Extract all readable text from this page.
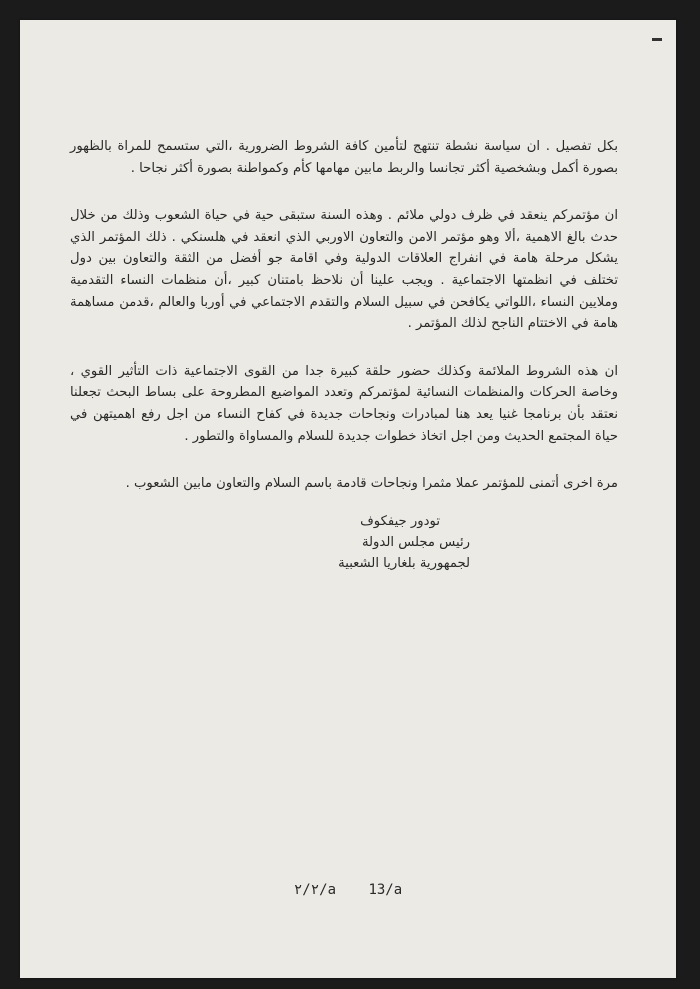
بكل تفصيل . ان سياسة نشطة تنتهج لتأمين كافة الشروط الضرورية ،التي ستسمح للمراة بالظهور بصورة أكمل وبشخصية أكثر تجانسا والربط مابين مهامها كأم وكمواطنة بصورة أكثر نجاحا .

ان مؤتمركم ينعقد في ظرف دولي ملائم . وهذه السنة ستبقى حية في حياة الشعوب وذلك من خلال حدث بالغ الاهمية ،ألا وهو مؤتمر الامن والتعاون الاوربي الذي انعقد في هلسنكي . ذلك المؤتمر الذي يشكل مرحلة هامة في انفراج العلاقات الدولية وفي اقامة جو أفضل من الثقة والتعاون بين دول تختلف في انظمتها الاجتماعية . ويجب علينا أن نلاحظ بامتنان كبير ،أن منظمات النساء التقدمية وملايين النساء ،اللواتي يكافحن في سبيل السلام والتقدم الاجتماعي في أوربا والعالم ،قدمن مساهمة هامة في الاختتام الناجح لذلك المؤتمر .

ان هذه الشروط الملائمة وكذلك حضور حلقة كبيرة جدا من القوى الاجتماعية ذات التأثير القوي ، وخاصة الحركات والمنظمات النسائية لمؤتمركم وتعدد المواضيع المطروحة على بساط البحث تجعلنا نعتقد بأن برنامجا غنيا يعد هنا لمبادرات ونجاحات جديدة في كفاح النساء من اجل رفع اهميتهن في حياة المجتمع الحديث ومن اجل اتخاذ خطوات جديدة للسلام والمساواة والتطور .

مرة اخرى أتمنى للمؤتمر عملا مثمرا ونجاحات قادمة باسم السلام والتعاون مابين الشعوب .

تودور جيفكوف
رئيس مجلس الدولة
لجمهورية بلغاريا الشعبية
٢/٢/a 13/a
